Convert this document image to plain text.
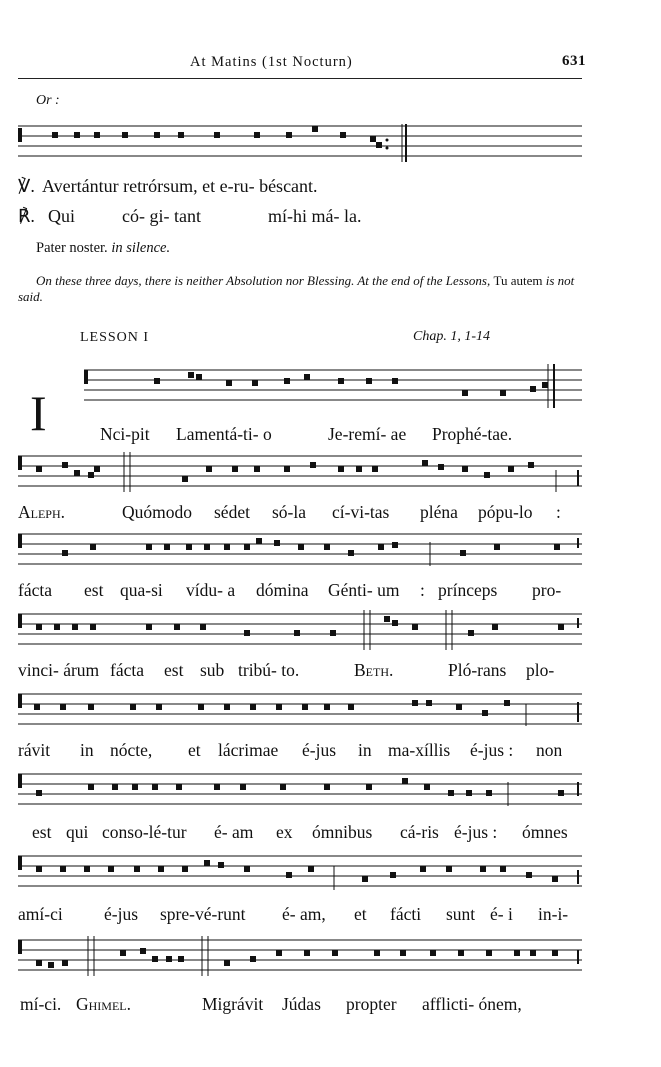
At Matins (1st Nocturn)	631
Or :
℣. Avertántur retrórsum, et e-ru- béscant.
℟. Qui	có- gi- tant	mí-hi má- la.
Pater noster. in silence.
On these three days, there is neither Absolution nor Blessing. At the end of the Lessons, Tu autem is not said.
LESSON I	Chap. 1, 1-14
I	Nci-pit Lamentá-ti- o	Je-remí- ae Prophé-tae.
Aleph.	Quómodo sédet só-la cí-vi-tas pléna pópu-lo :
fácta est qua-si vídu- a dómina Génti- um : prínceps pro-
vinci- árum fácta est sub tribú- to.	Beth.	Pló-rans plo-
rávit in nócte, et lácrimae é-jus in ma-xíllis é-jus : non
est qui conso-lé-tur é- am ex ómnibus cá-ris é-jus : ómnes
amí-ci é-jus spre-vé-runt é- am, et fácti sunt é- i in-i-
mí-ci. Ghimel.	Migrávit Júdas propter afflicti- ónem,
